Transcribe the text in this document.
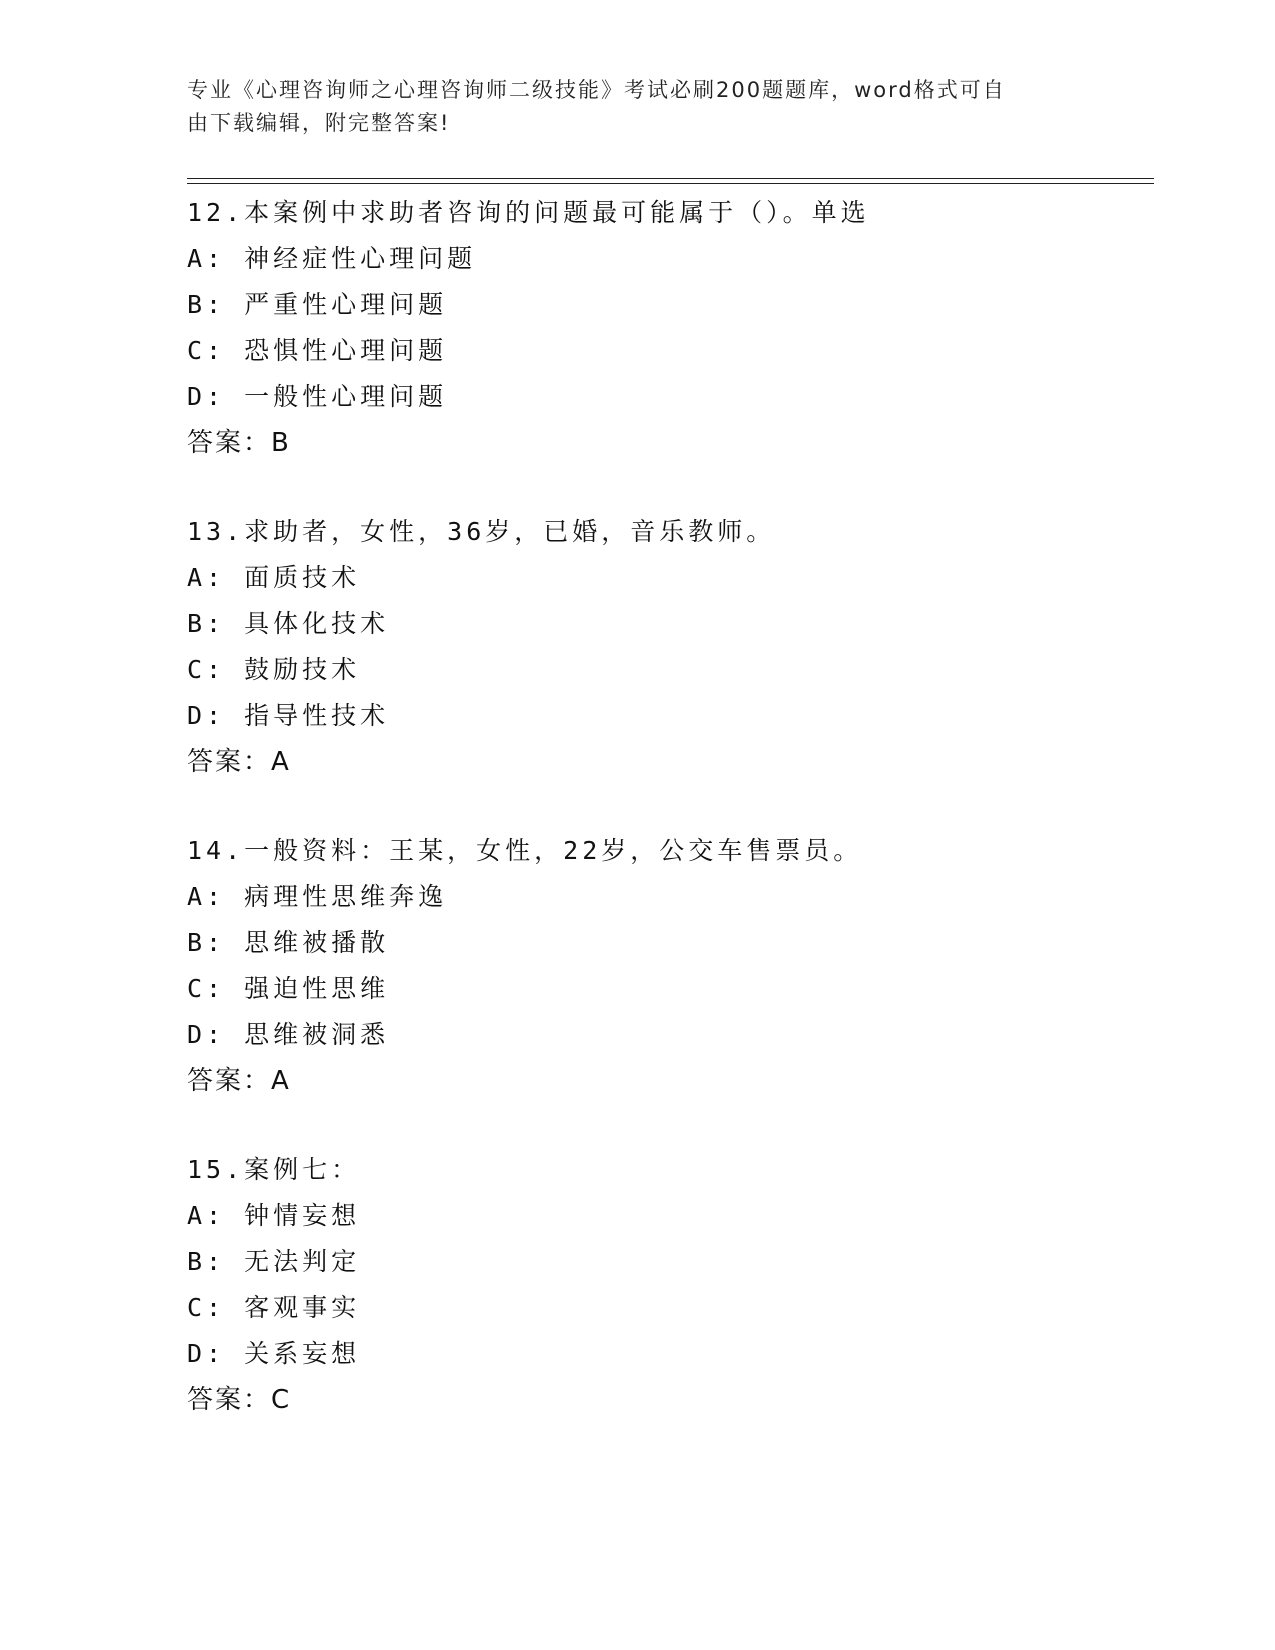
专业《心理咨询师之心理咨询师二级技能》考试必刷200题题库，word格式可自
由下载编辑，附完整答案!
12.本案例中求助者咨询的问题最可能属于（）。单选
A: 神经症性心理问题
B: 严重性心理问题
C: 恐惧性心理问题
D: 一般性心理问题
答案：B
13.求助者，女性，36岁，已婚，音乐教师。
A: 面质技术
B: 具体化技术
C: 鼓励技术
D: 指导性技术
答案：A
14.一般资料：王某，女性，22岁，公交车售票员。
A: 病理性思维奔逸
B: 思维被播散
C: 强迫性思维
D: 思维被洞悉
答案：A
15.案例七：
A: 钟情妄想
B: 无法判定
C: 客观事实
D: 关系妄想
答案：C
